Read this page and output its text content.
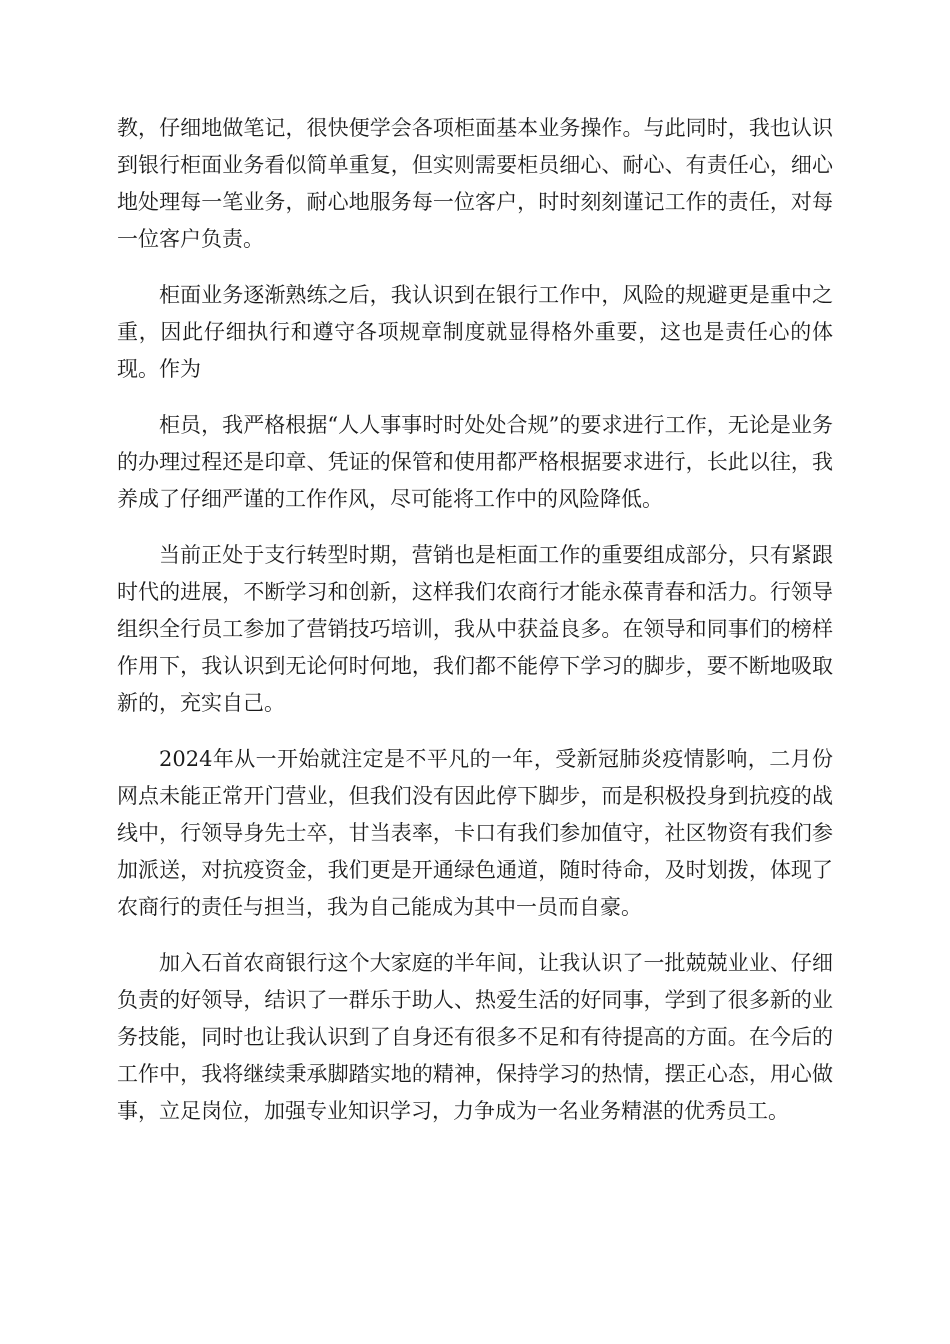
教，仔细地做笔记，很快便学会各项柜面基本业务操作。与此同时，我也认识到银行柜面业务看似简单重复，但实则需要柜员细心、耐心、有责任心，细心地处理每一笔业务，耐心地服务每一位客户，时时刻刻谨记工作的责任，对每一位客户负责。

柜面业务逐渐熟练之后，我认识到在银行工作中，风险的规避更是重中之重，因此仔细执行和遵守各项规章制度就显得格外重要，这也是责任心的体现。作为

柜员，我严格根据“人人事事时时处处合规”的要求进行工作，无论是业务的办理过程还是印章、凭证的保管和使用都严格根据要求进行，长此以往，我养成了仔细严谨的工作作风，尽可能将工作中的风险降低。

当前正处于支行转型时期，营销也是柜面工作的重要组成部分，只有紧跟时代的进展，不断学习和创新，这样我们农商行才能永葆青春和活力。行领导组织全行员工参加了营销技巧培训，我从中获益良多。在领导和同事们的榜样作用下，我认识到无论何时何地，我们都不能停下学习的脚步，要不断地吸取新的，充实自己。

2024年从一开始就注定是不平凡的一年，受新冠肺炎疫情影响，二月份网点未能正常开门营业，但我们没有因此停下脚步，而是积极投身到抗疫的战线中，行领导身先士卒，甘当表率，卡口有我们参加值守，社区物资有我们参加派送，对抗疫资金，我们更是开通绿色通道，随时待命，及时划拨，体现了农商行的责任与担当，我为自己能成为其中一员而自豪。

加入石首农商银行这个大家庭的半年间，让我认识了一批兢兢业业、仔细负责的好领导，结识了一群乐于助人、热爱生活的好同事，学到了很多新的业务技能，同时也让我认识到了自身还有很多不足和有待提高的方面。在今后的工作中，我将继续秉承脚踏实地的精神，保持学习的热情，摆正心态，用心做事，立足岗位，加强专业知识学习，力争成为一名业务精湛的优秀员工。
